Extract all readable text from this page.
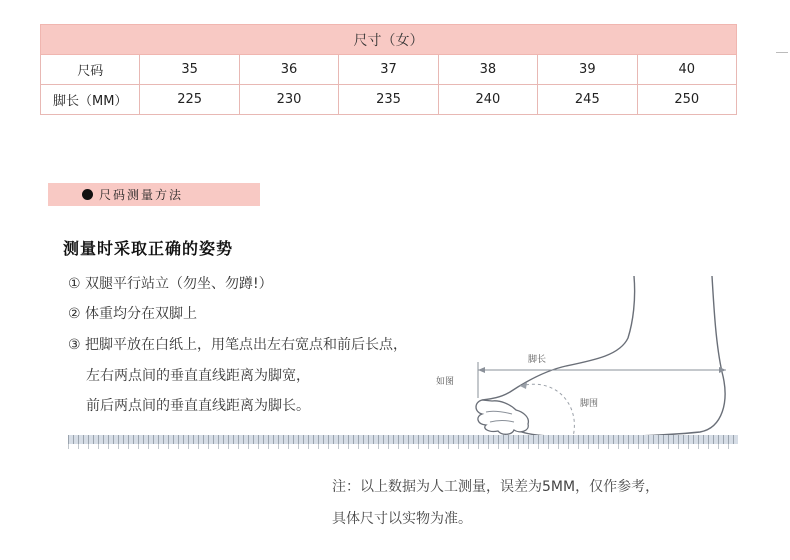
尺寸（女）						
尺码	35	36	37	38	39	40
脚长（MM）	225	230	235	240	245	250
尺码测量方法
测量时采取正确的姿势
① 双腿平行站立（勿坐、勿蹲!）
② 体重均分在双脚上
③ 把脚平放在白纸上，用笔点出左右宽点和前后长点，
左右两点间的垂直直线距离为脚宽，
前后两点间的垂直直线距离为脚长。
脚长
如图
脚围
注：以上数据为人工测量，误差为5MM，仅作参考，
具体尺寸以实物为准。
